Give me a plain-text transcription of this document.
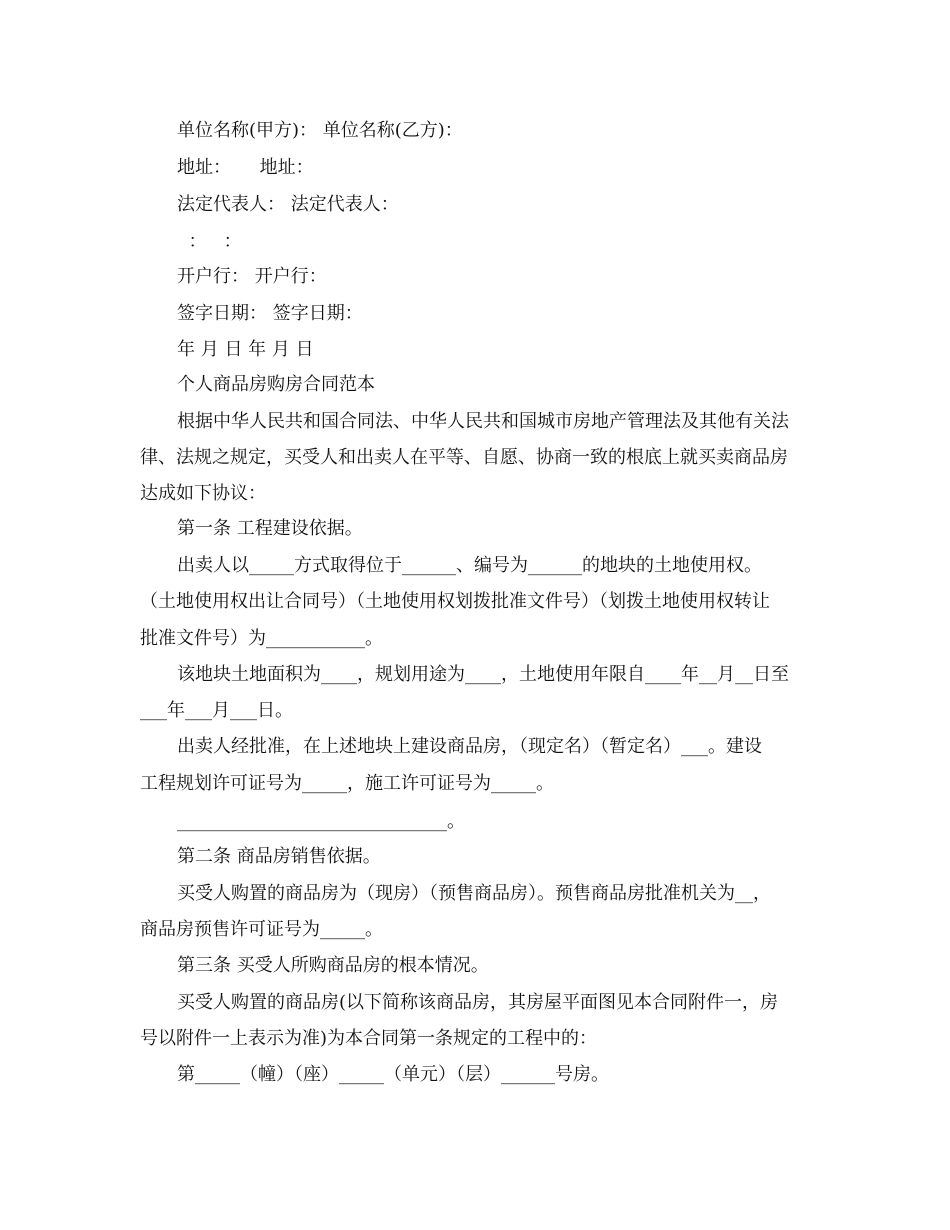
单位名称(甲方)： 单位名称(乙方)：
地址：     地址：
法定代表人： 法定代表人：
：   ：
开户行： 开户行：
签字日期： 签字日期：
年 月 日 年 月 日
个人商品房购房合同范本
根据中华人民共和国合同法、中华人民共和国城市房地产管理法及其他有关法
律、法规之规定，买受人和出卖人在平等、自愿、协商一致的根底上就买卖商品房
达成如下协议：
第一条 工程建设依据。
出卖人以_____方式取得位于______、编号为______的地块的土地使用权。
（土地使用权出让合同号）（土地使用权划拨批准文件号）（划拨土地使用权转让
批准文件号）为___________。
该地块土地面积为____，规划用途为____，土地使用年限自____年__月__日至
___年___月___日。
出卖人经批准，在上述地块上建设商品房，（现定名）（暂定名）___。建设
工程规划许可证号为_____，施工许可证号为_____。
______________________________。
第二条 商品房销售依据。
买受人购置的商品房为（现房）（预售商品房）。预售商品房批准机关为__，
商品房预售许可证号为_____。
第三条 买受人所购商品房的根本情况。
买受人购置的商品房(以下简称该商品房，其房屋平面图见本合同附件一，房
号以附件一上表示为准)为本合同第一条规定的工程中的：
第_____（幢）（座）_____（单元）（层）______号房。
